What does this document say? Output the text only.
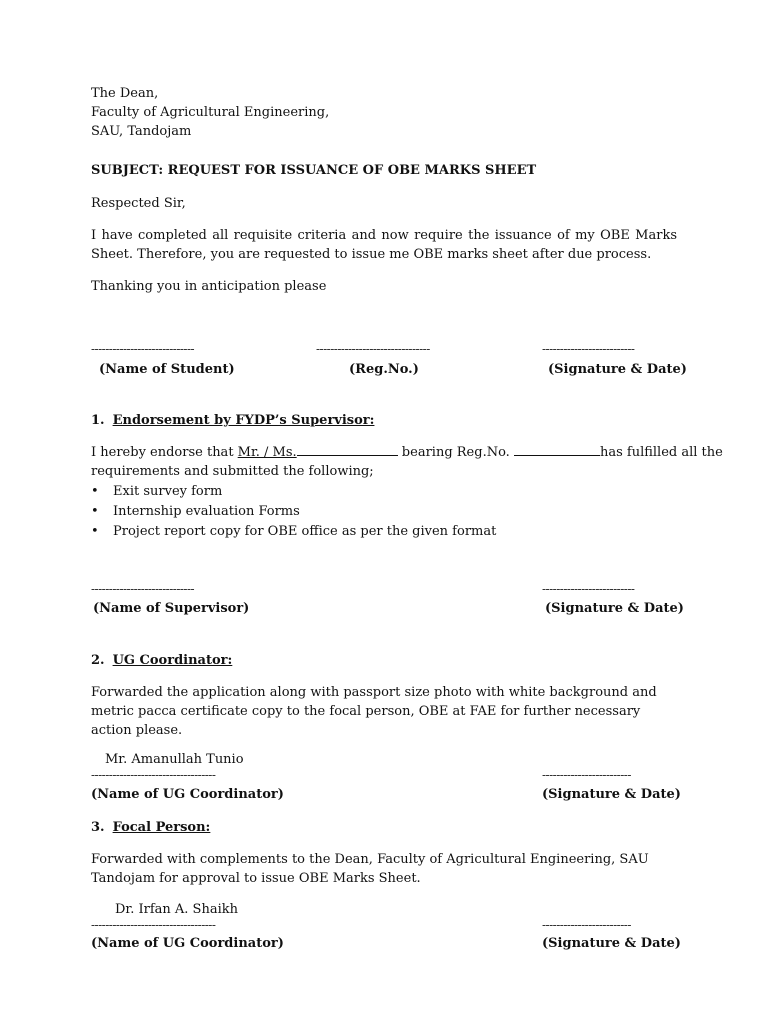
The Dean,
Faculty of Agricultural Engineering,
SAU, Tandojam
SUBJECT: REQUEST FOR ISSUANCE OF OBE MARKS SHEET
Respected Sir,
I have completed all requisite criteria and now require the issuance of my OBE Marks Sheet. Therefore, you are requested to issue me OBE marks sheet after due process.
Thanking you in anticipation please
-----------------------------	--------------------------------	--------------------------
(Name of Student)	(Reg.No.)	(Signature & Date)
1. Endorsement by FYDP’s Supervisor:
I hereby endorse that Mr. / Ms.	bearing Reg.No.	has fulfilled all the
requirements and submitted the following;
• Exit survey form
• Internship evaluation Forms
• Project report copy for OBE office as per the given format
-----------------------------	--------------------------
(Name of Supervisor)	(Signature & Date)
2. UG Coordinator:
Forwarded the application along with passport size photo with white background and metric pacca certificate copy to the focal person, OBE at FAE for further necessary action please.
Mr. Amanullah Tunio
-----------------------------------	-------------------------
(Name of UG Coordinator)	(Signature & Date)
3. Focal Person:
Forwarded with complements to the Dean, Faculty of Agricultural Engineering, SAU Tandojam for approval to issue OBE Marks Sheet.
Dr. Irfan A. Shaikh
-----------------------------------	-------------------------
(Name of UG Coordinator)	(Signature & Date)
